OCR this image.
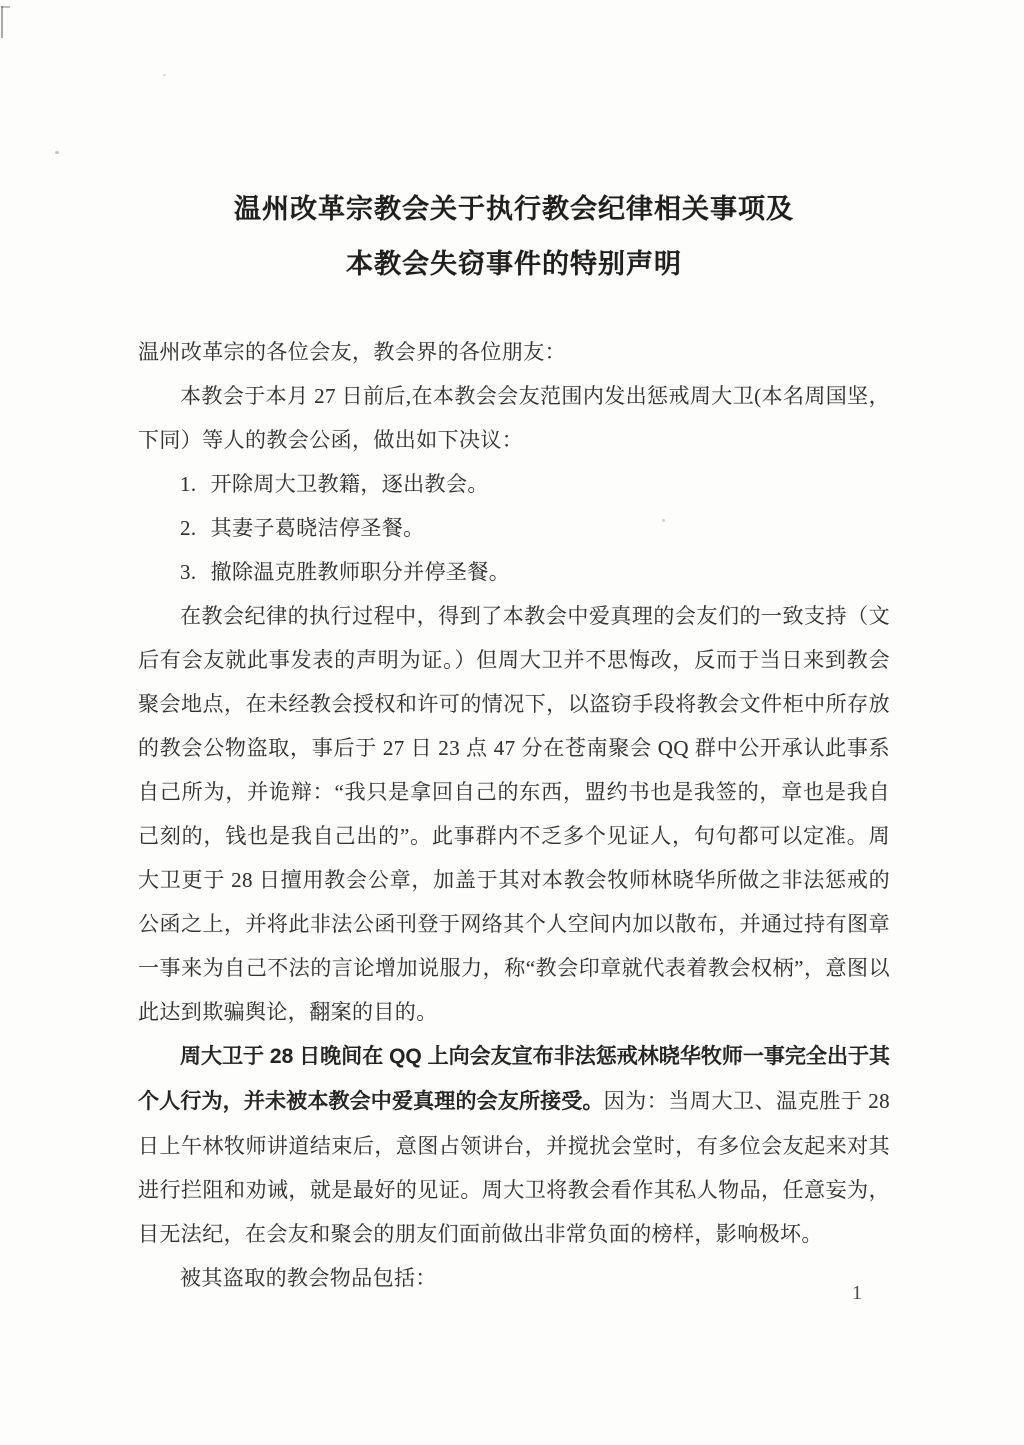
温州改革宗教会关于执行教会纪律相关事项及
本教会失窃事件的特别声明

温州改革宗的各位会友，教会界的各位朋友：

本教会于本月 27 日前后,在本教会会友范围内发出惩戒周大卫(本名周国坚，下同）等人的教会公函，做出如下决议：

1. 开除周大卫教籍，逐出教会。

2. 其妻子葛晓洁停圣餐。

3. 撤除温克胜教师职分并停圣餐。

在教会纪律的执行过程中，得到了本教会中爱真理的会友们的一致支持（文后有会友就此事发表的声明为证。）但周大卫并不思悔改，反而于当日来到教会聚会地点，在未经教会授权和许可的情况下，以盗窃手段将教会文件柜中所存放的教会公物盗取，事后于 27 日 23 点 47 分在苍南聚会 QQ 群中公开承认此事系自己所为，并诡辩：“我只是拿回自己的东西，盟约书也是我签的，章也是我自己刻的，钱也是我自己出的”。此事群内不乏多个见证人，句句都可以定准。周大卫更于 28 日擅用教会公章，加盖于其对本教会牧师林晓华所做之非法惩戒的公函之上，并将此非法公函刊登于网络其个人空间内加以散布，并通过持有图章一事来为自己不法的言论增加说服力，称“教会印章就代表着教会权柄”，意图以此达到欺骗舆论，翻案的目的。

周大卫于 28 日晚间在 QQ 上向会友宣布非法惩戒林晓华牧师一事完全出于其个人行为，并未被本教会中爱真理的会友所接受。因为：当周大卫、温克胜于 28 日上午林牧师讲道结束后，意图占领讲台，并搅扰会堂时，有多位会友起来对其进行拦阻和劝诫，就是最好的见证。周大卫将教会看作其私人物品，任意妄为，目无法纪，在会友和聚会的朋友们面前做出非常负面的榜样，影响极坏。

被其盗取的教会物品包括：

1
